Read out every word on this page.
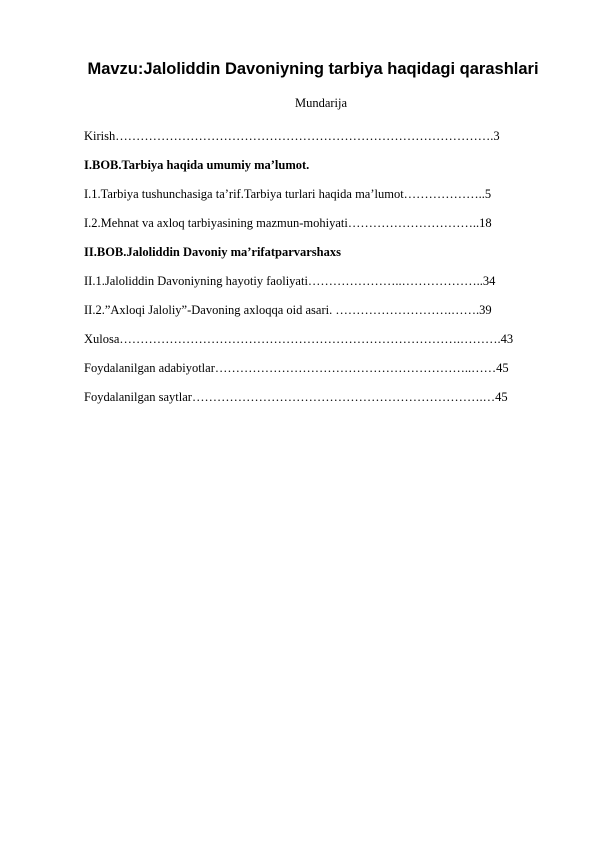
Mavzu:Jaloliddin Davoniyning tarbiya haqidagi qarashlari
Mundarija
Kirish……………………………………………………………………………….3
I.BOB.Tarbiya haqida umumiy ma’lumot.
I.1.Tarbiya tushunchasiga ta’rif.Tarbiya turlari haqida ma’lumot………………..5
I.2.Mehnat va axloq tarbiyasining mazmun-mohiyati…………………………..18
II.BOB.Jaloliddin Davoniy ma’rifatparvarshaxs
II.1.Jaloliddin Davoniyning hayotiy faoliyati…………………..………………..34
II.2.”Axloqi Jaloliy”-Davoning axloqqa oid asari. ……………………….…….39
Xulosa……………………………………………………………………….……….43
Foydalanilgan adabiyotlar……………………………………………………..……45
Foydalanilgan saytlar…………………………………………………………….…45
